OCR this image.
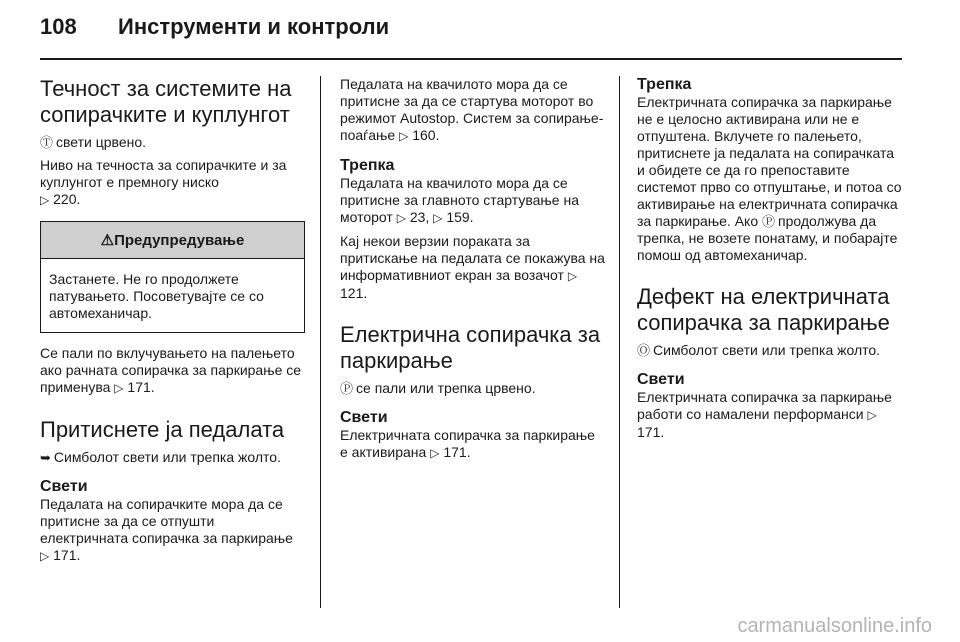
108 Инструменти и контроли
Течност за системите на сопирачките и куплунгот

Ⓣ свети црвено.

Ниво на течноста за сопирачките и за куплунгот е премногу ниско
▷ 220.

⚠Предупредување
Застанете. Не го продолжете патувањето. Посоветувајте се со автомеханичар.

Се пали по вклучувањето на палењето ако рачната сопирачка за паркирање се применува ▷ 171.

Притиснете ја педалата

➥ Симболот свети или трепка жолто.

Свети

Педалата на сопирачките мора да се притисне за да се отпушти електричната сопирачка за паркирање ▷ 171.

Педалата на квачилото мора да се притисне за да се стартува моторот во режимот Autostop. Систем за сопирање-поаѓање ▷ 160.

Трепка

Педалата на квачилото мора да се притисне за главното стартување на моторот ▷ 23, ▷ 159.

Кај некои верзии пораката за притискање на педалата се покажува на информативниот екран за возачот ▷ 121.

Електрична сопирачка за паркирање

Ⓟ се пали или трепка црвено.

Свети

Електричната сопирачка за паркирање е активирана ▷ 171.

Трепка

Електричната сопирачка за паркирање не е целосно активирана или не е отпуштена. Вклучете го палењето, притиснете ја педалата на сопирачката и обидете се да го препоставите системот прво со отпуштање, и потоа со активирање на електричната сопирачка за паркирање. Ако Ⓟ продолжува да трепка, не возете понатаму, и побарајте помош од автомеханичар.

Дефект на електричната сопирачка за паркирање

Ⓞ Симболот свети или трепка жолто.

Свети

Електричната сопирачка за паркирање работи со намалени перформанси ▷ 171.

carmanualsonline.info
